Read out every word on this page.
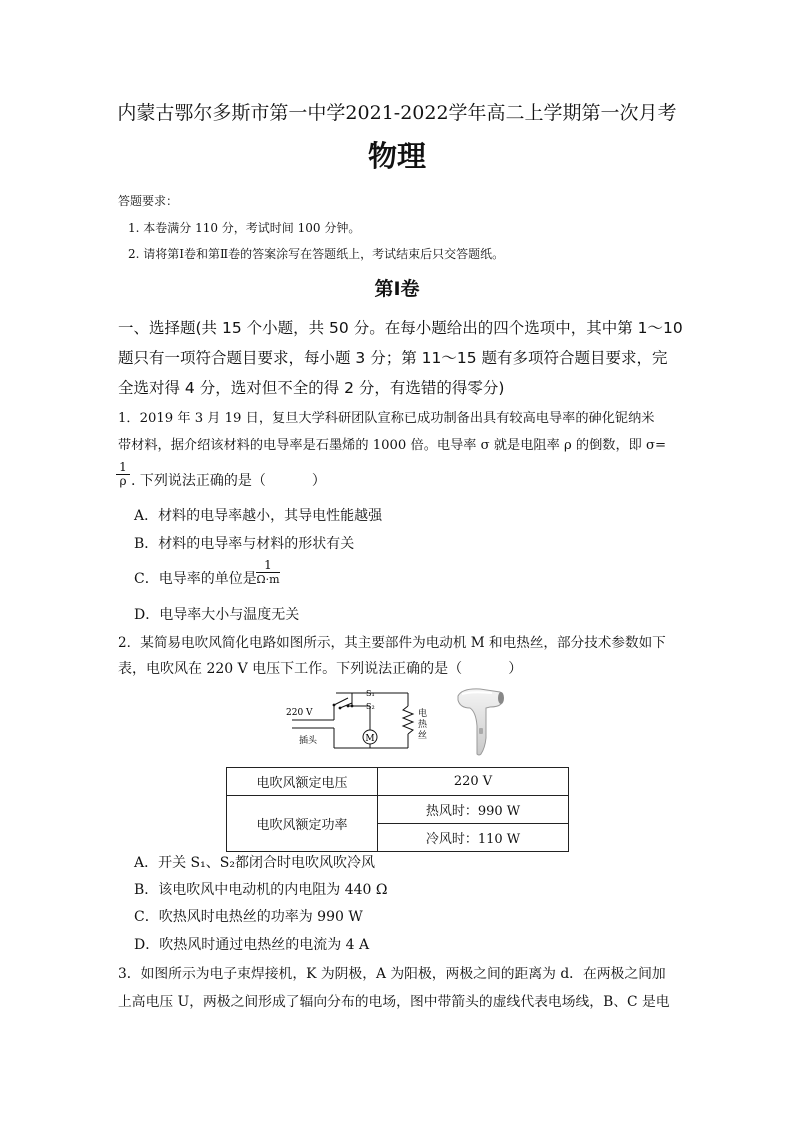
内蒙古鄂尔多斯市第一中学2021-2022学年高二上学期第一次月考
物理
答题要求：
1. 本卷满分 110 分，考试时间 100 分钟。
2. 请将第Ⅰ卷和第Ⅱ卷的答案涂写在答题纸上，考试结束后只交答题纸。
第Ⅰ卷
一、选择题(共 15 个小题，共 50 分。在每小题给出的四个选项中，其中第 1～10
题只有一项符合题目要求，每小题 3 分；第 11～15 题有多项符合题目要求，完
全选对得 4 分，选对但不全的得 2 分，有选错的得零分)
1．2019 年 3 月 19 日，复旦大学科研团队宣称已成功制备出具有较高电导率的砷化铌纳米
带材料，据介绍该材料的电导率是石墨烯的 1000 倍。电导率 σ 就是电阻率 ρ 的倒数，即 σ=
$\frac{1}{\rho}$ . 下列说法正确的是（	）
A．材料的电导率越小，其导电性能越强
B．材料的电导率与材料的形状有关
C．电导率的单位是 $\frac{1}{\Omega\cdot m}$
D．电导率大小与温度无关
2．某简易电吹风简化电路如图所示，其主要部件为电动机 M 和电热丝，部分技术参数如下
表，电吹风在 220 V 电压下工作。下列说法正确的是（	）
M
220 V
插头
S₁
S₂
电
热
丝
电吹风额定电压	220 V
电吹风额定功率	热风时：990 W
	冷风时：110 W
A．开关 S₁、S₂都闭合时电吹风吹冷风
B．该电吹风中电动机的内电阻为 440 Ω
C．吹热风时电热丝的功率为 990 W
D．吹热风时通过电热丝的电流为 4 A
3．如图所示为电子束焊接机，K 为阴极，A 为阳极，两极之间的距离为 d．在两极之间加
上高电压 U，两极之间形成了辐向分布的电场，图中带箭头的虚线代表电场线，B、C 是电
